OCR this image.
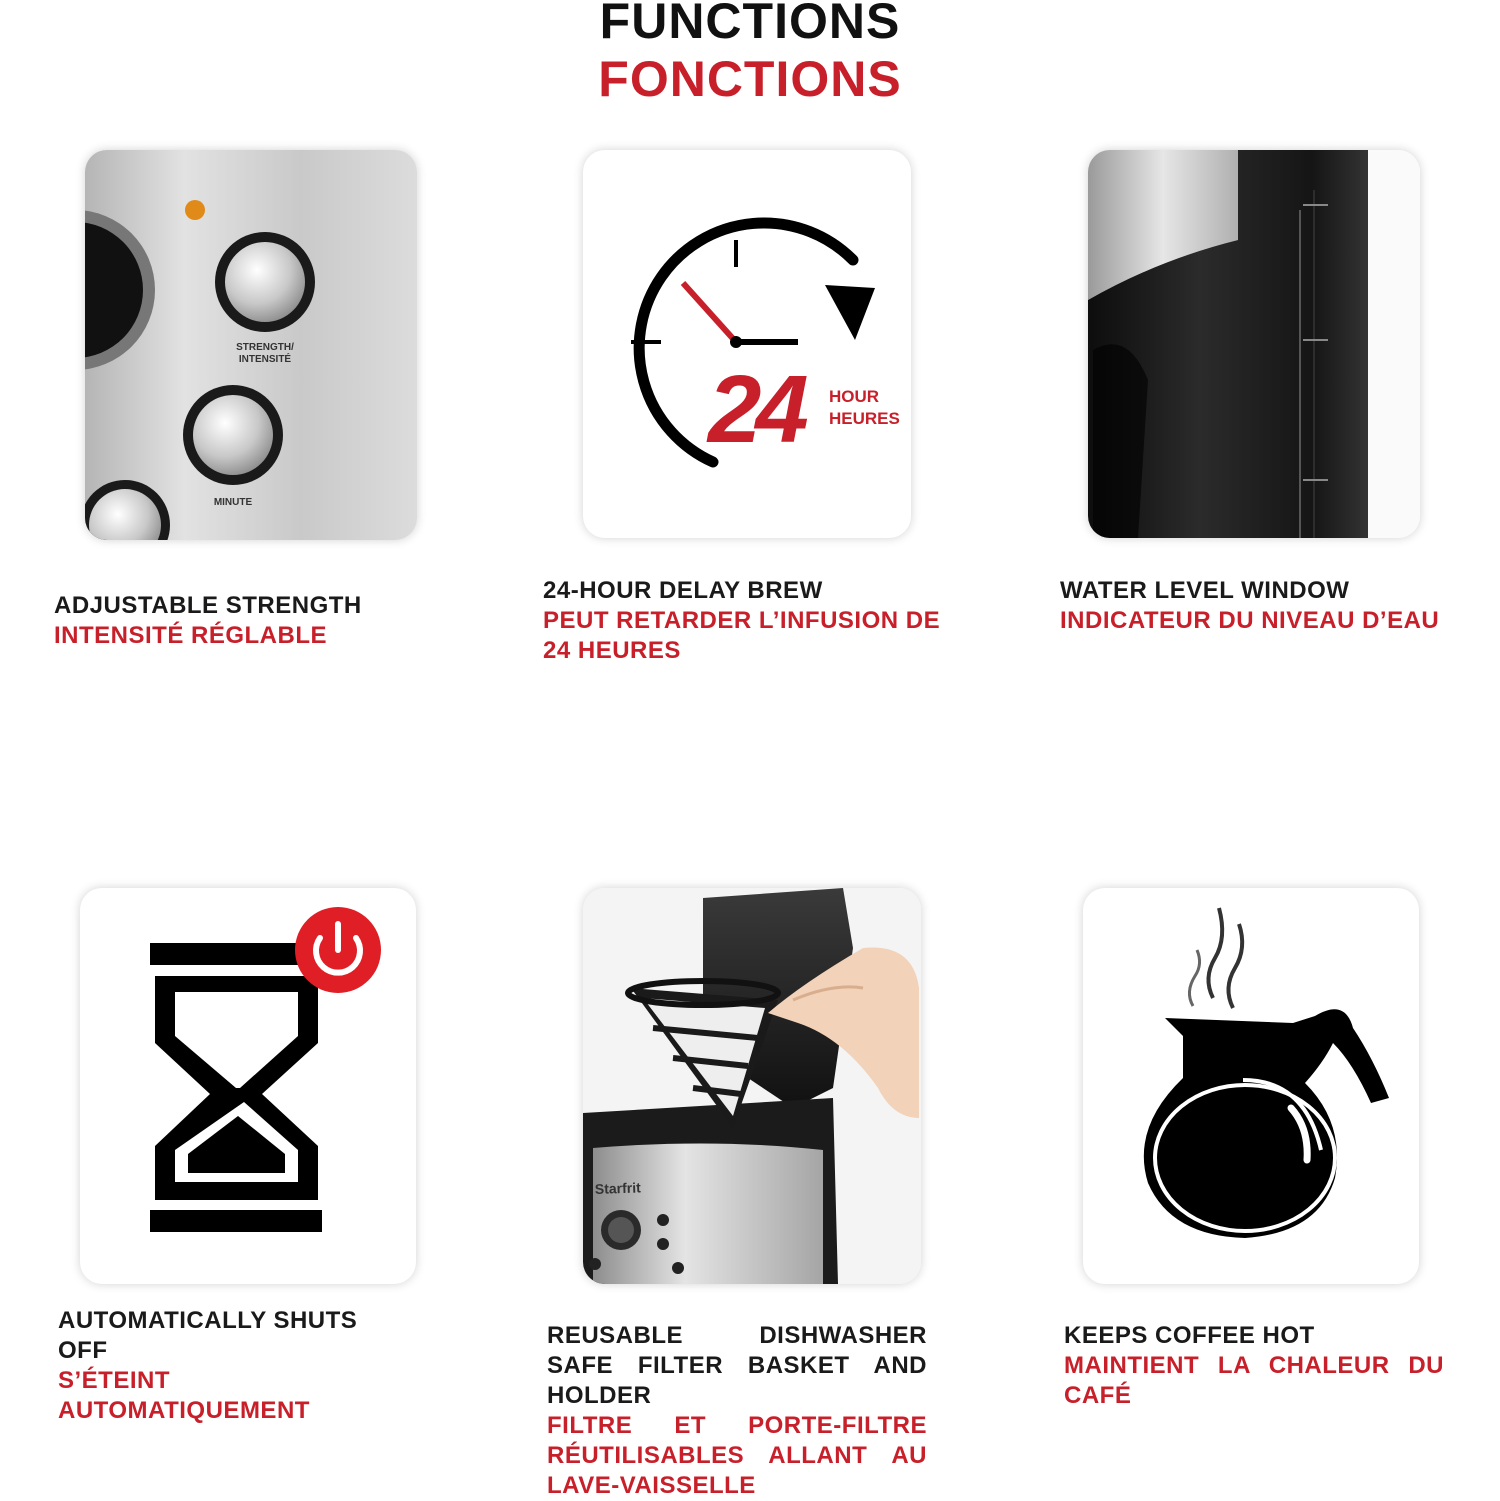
FUNCTIONS
FONCTIONS
STRENGTH/
INTENSITÉ
MINUTE
ADJUSTABLE STRENGTH
INTENSITÉ RÉGLABLE
24 HOUR
HEURES
24-HOUR DELAY BREW
PEUT RETARDER L’INFUSION DE 24 HEURES
WATER LEVEL WINDOW
INDICATEUR DU NIVEAU D’EAU
AUTOMATICALLY SHUTS OFF
S’ÉTEINT AUTOMATIQUEMENT
Starfrit
REUSABLE DISHWASHER SAFE FILTER BASKET AND HOLDER
FILTRE ET PORTE-FILTRE RÉUTILISABLES ALLANT AU LAVE-VAISSELLE
KEEPS COFFEE HOT
MAINTIENT LA CHALEUR DU CAFÉ
